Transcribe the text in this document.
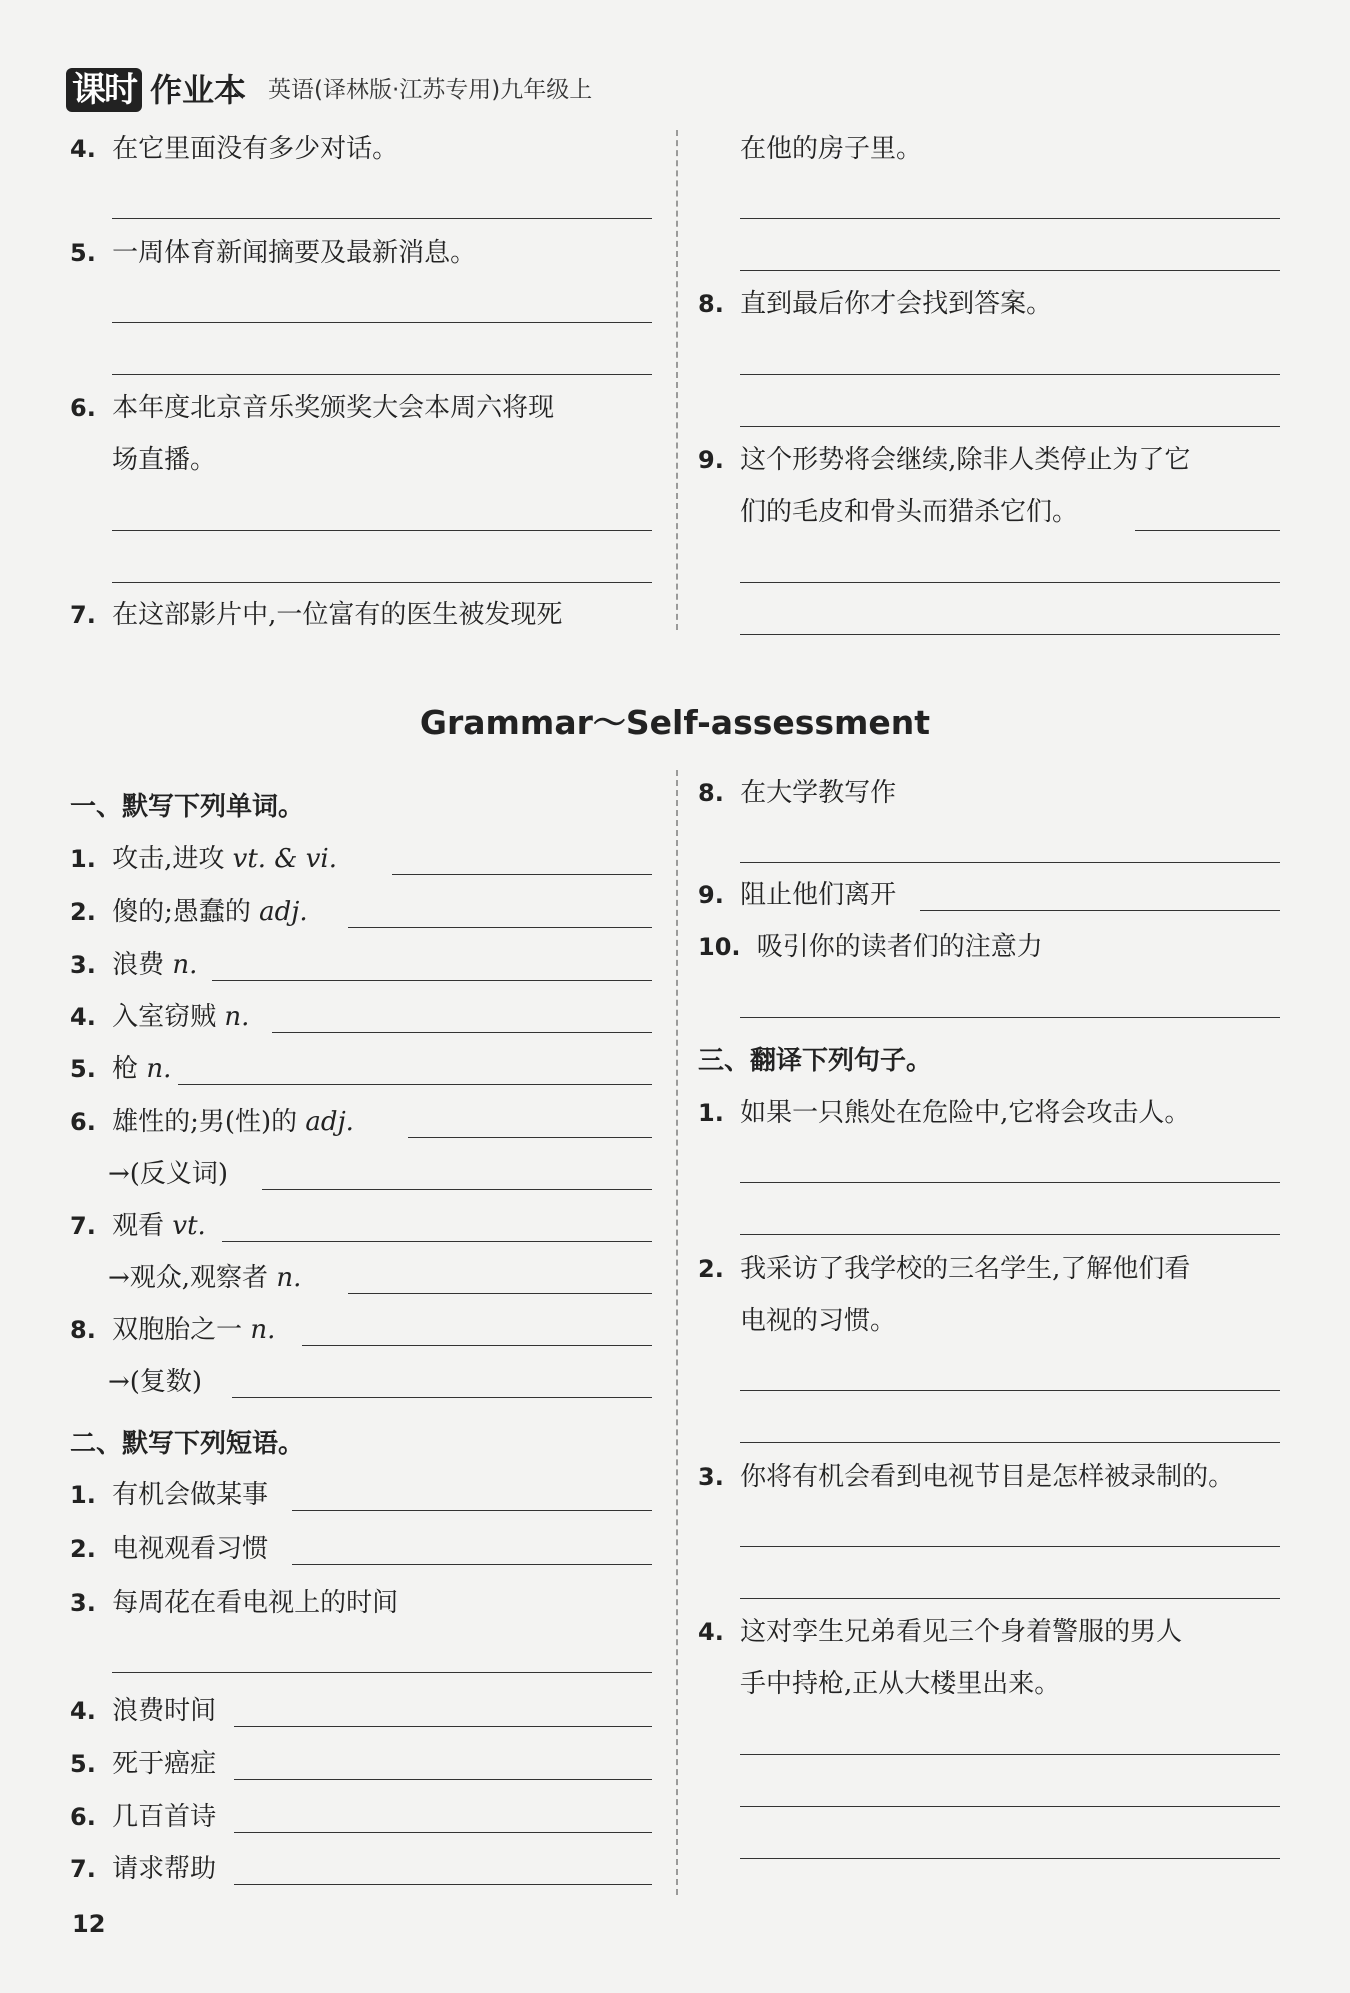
课时 作业本 英语(译林版·江苏专用)九年级上
4. 在它里面没有多少对话。
5. 一周体育新闻摘要及最新消息。
6. 本年度北京音乐奖颁奖大会本周六将现
场直播。
7. 在这部影片中,一位富有的医生被发现死
在他的房子里。
8. 直到最后你才会找到答案。
9. 这个形势将会继续,除非人类停止为了它
们的毛皮和骨头而猎杀它们。
Grammar～Self-assessment
一、默写下列单词。
1. 攻击,进攻 vt. & vi.
2. 傻的;愚蠢的 adj.
3. 浪费 n.
4. 入室窃贼 n.
5. 枪 n.
6. 雄性的;男(性)的 adj.
→(反义词)
7. 观看 vt.
→观众,观察者 n.
8. 双胞胎之一 n.
→(复数)
二、默写下列短语。
1. 有机会做某事
2. 电视观看习惯
3. 每周花在看电视上的时间
4. 浪费时间
5. 死于癌症
6. 几百首诗
7. 请求帮助
8. 在大学教写作
9. 阻止他们离开
10. 吸引你的读者们的注意力
三、翻译下列句子。
1. 如果一只熊处在危险中,它将会攻击人。
2. 我采访了我学校的三名学生,了解他们看
电视的习惯。
3. 你将有机会看到电视节目是怎样被录制的。
4. 这对孪生兄弟看见三个身着警服的男人
手中持枪,正从大楼里出来。
12
